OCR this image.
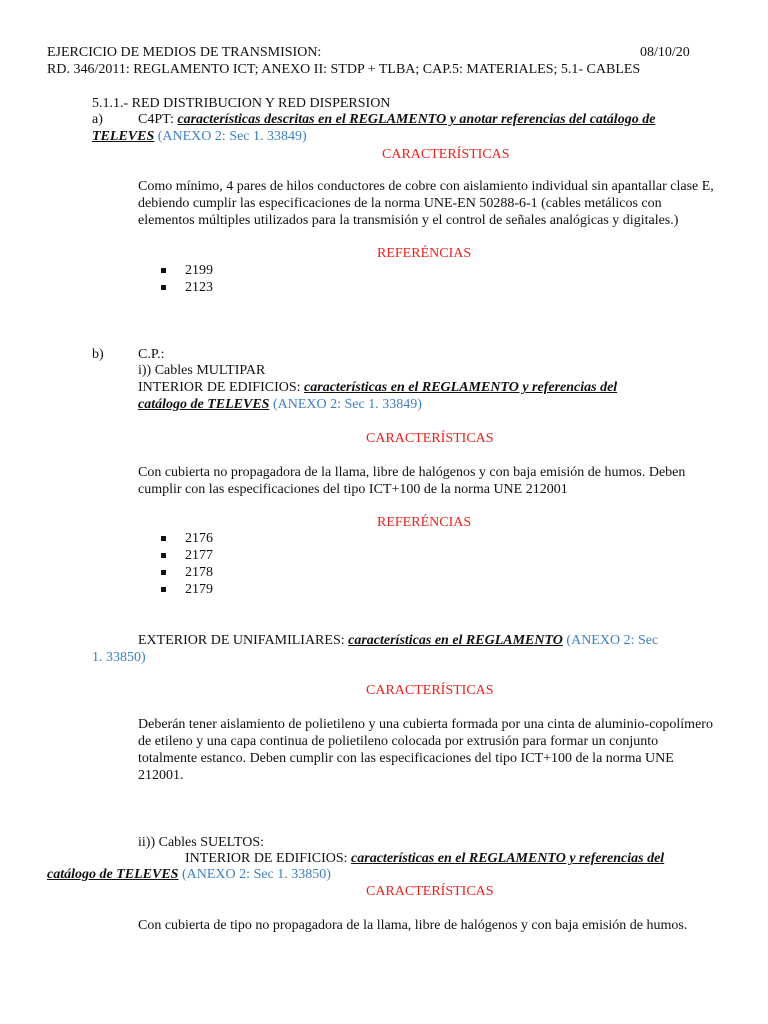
EJERCICIO DE MEDIOS DE TRANSMISION:	08/10/20
RD. 346/2011: REGLAMENTO ICT; ANEXO II: STDP + TLBA; CAP.5: MATERIALES; 5.1- CABLES
5.1.1.- RED DISTRIBUCION Y RED DISPERSION
a)	C4PT: características descritas en el REGLAMENTO y anotar referencias del catálogo de
TELEVES (ANEXO 2: Sec 1. 33849)
CARACTERÍSTICAS
Como mínimo, 4 pares de hilos conductores de cobre con aislamiento individual sin apantallar clase E, debiendo cumplir las especificaciones de la norma UNE-EN 50288-6-1 (cables metálicos con elementos múltiples utilizados para la transmisión y el control de señales analógicas y digitales.)
REFERÉNCIAS
2199
2123
b) C.P.:
i)) Cables MULTIPAR
INTERIOR DE EDIFICIOS: características en el REGLAMENTO y referencias del
catálogo de TELEVES (ANEXO 2: Sec 1. 33849)
CARACTERÍSTICAS
Con cubierta no propagadora de la llama, libre de halógenos y con baja emisión de humos. Deben cumplir con las especificaciones del tipo ICT+100 de la norma UNE 212001
REFERÉNCIAS
2176
2177
2178
2179
EXTERIOR DE UNIFAMILIARES: características en el REGLAMENTO (ANEXO 2: Sec
1. 33850)
CARACTERÍSTICAS
Deberán tener aislamiento de polietileno y una cubierta formada por una cinta de aluminio-copolímero de etileno y una capa continua de polietileno colocada por extrusión para formar un conjunto totalmente estanco. Deben cumplir con las especificaciones del tipo ICT+100 de la norma UNE 212001.
ii)) Cables SUELTOS:
INTERIOR DE EDIFICIOS: características en el REGLAMENTO y referencias del
catálogo de TELEVES (ANEXO 2: Sec 1. 33850)
CARACTERÍSTICAS
Con cubierta de tipo no propagadora de la llama, libre de halógenos y con baja emisión de humos.
